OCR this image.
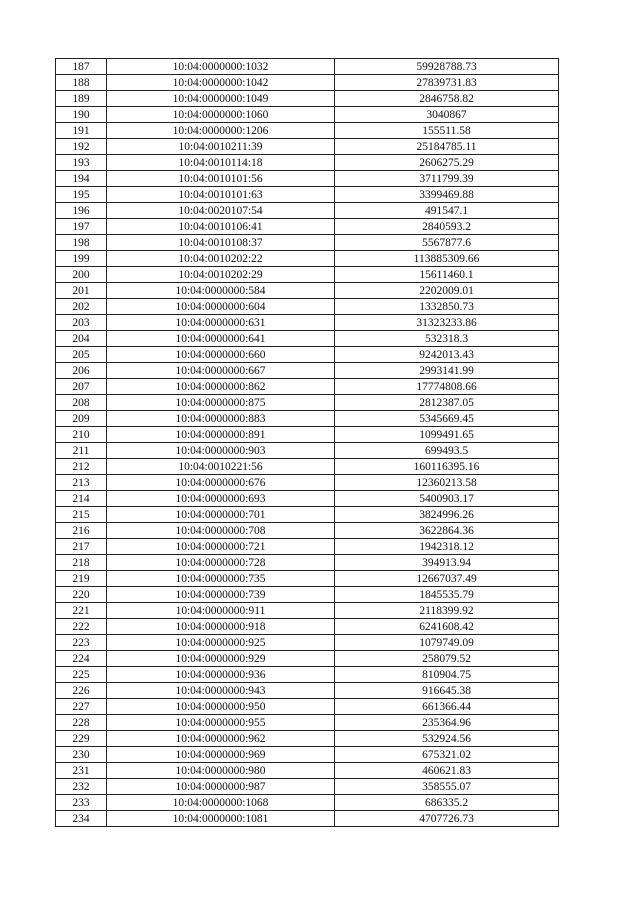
187	10:04:0000000:1032	59928788.73
188	10:04:0000000:1042	27839731.83
189	10:04:0000000:1049	2846758.82
190	10:04:0000000:1060	3040867
191	10:04:0000000:1206	155511.58
192	10:04:0010211:39	25184785.11
193	10:04:0010114:18	2606275.29
194	10:04:0010101:56	3711799.39
195	10:04:0010101:63	3399469.88
196	10:04:0020107:54	491547.1
197	10:04:0010106:41	2840593.2
198	10:04:0010108:37	5567877.6
199	10:04:0010202:22	113885309.66
200	10:04:0010202:29	15611460.1
201	10:04:0000000:584	2202009.01
202	10:04:0000000:604	1332850.73
203	10:04:0000000:631	31323233.86
204	10:04:0000000:641	532318.3
205	10:04:0000000:660	9242013.43
206	10:04:0000000:667	2993141.99
207	10:04:0000000:862	17774808.66
208	10:04:0000000:875	2812387.05
209	10:04:0000000:883	5345669.45
210	10:04:0000000:891	1099491.65
211	10:04:0000000:903	699493.5
212	10:04:0010221:56	160116395.16
213	10:04:0000000:676	12360213.58
214	10:04:0000000:693	5400903.17
215	10:04:0000000:701	3824996.26
216	10:04:0000000:708	3622864.36
217	10:04:0000000:721	1942318.12
218	10:04:0000000:728	394913.94
219	10:04:0000000:735	12667037.49
220	10:04:0000000:739	1845535.79
221	10:04:0000000:911	2118399.92
222	10:04:0000000:918	6241608.42
223	10:04:0000000:925	1079749.09
224	10:04:0000000:929	258079.52
225	10:04:0000000:936	810904.75
226	10:04:0000000:943	916645.38
227	10:04:0000000:950	661366.44
228	10:04:0000000:955	235364.96
229	10:04:0000000:962	532924.56
230	10:04:0000000:969	675321.02
231	10:04:0000000:980	460621.83
232	10:04:0000000:987	358555.07
233	10:04:0000000:1068	686335.2
234	10:04:0000000:1081	4707726.73
